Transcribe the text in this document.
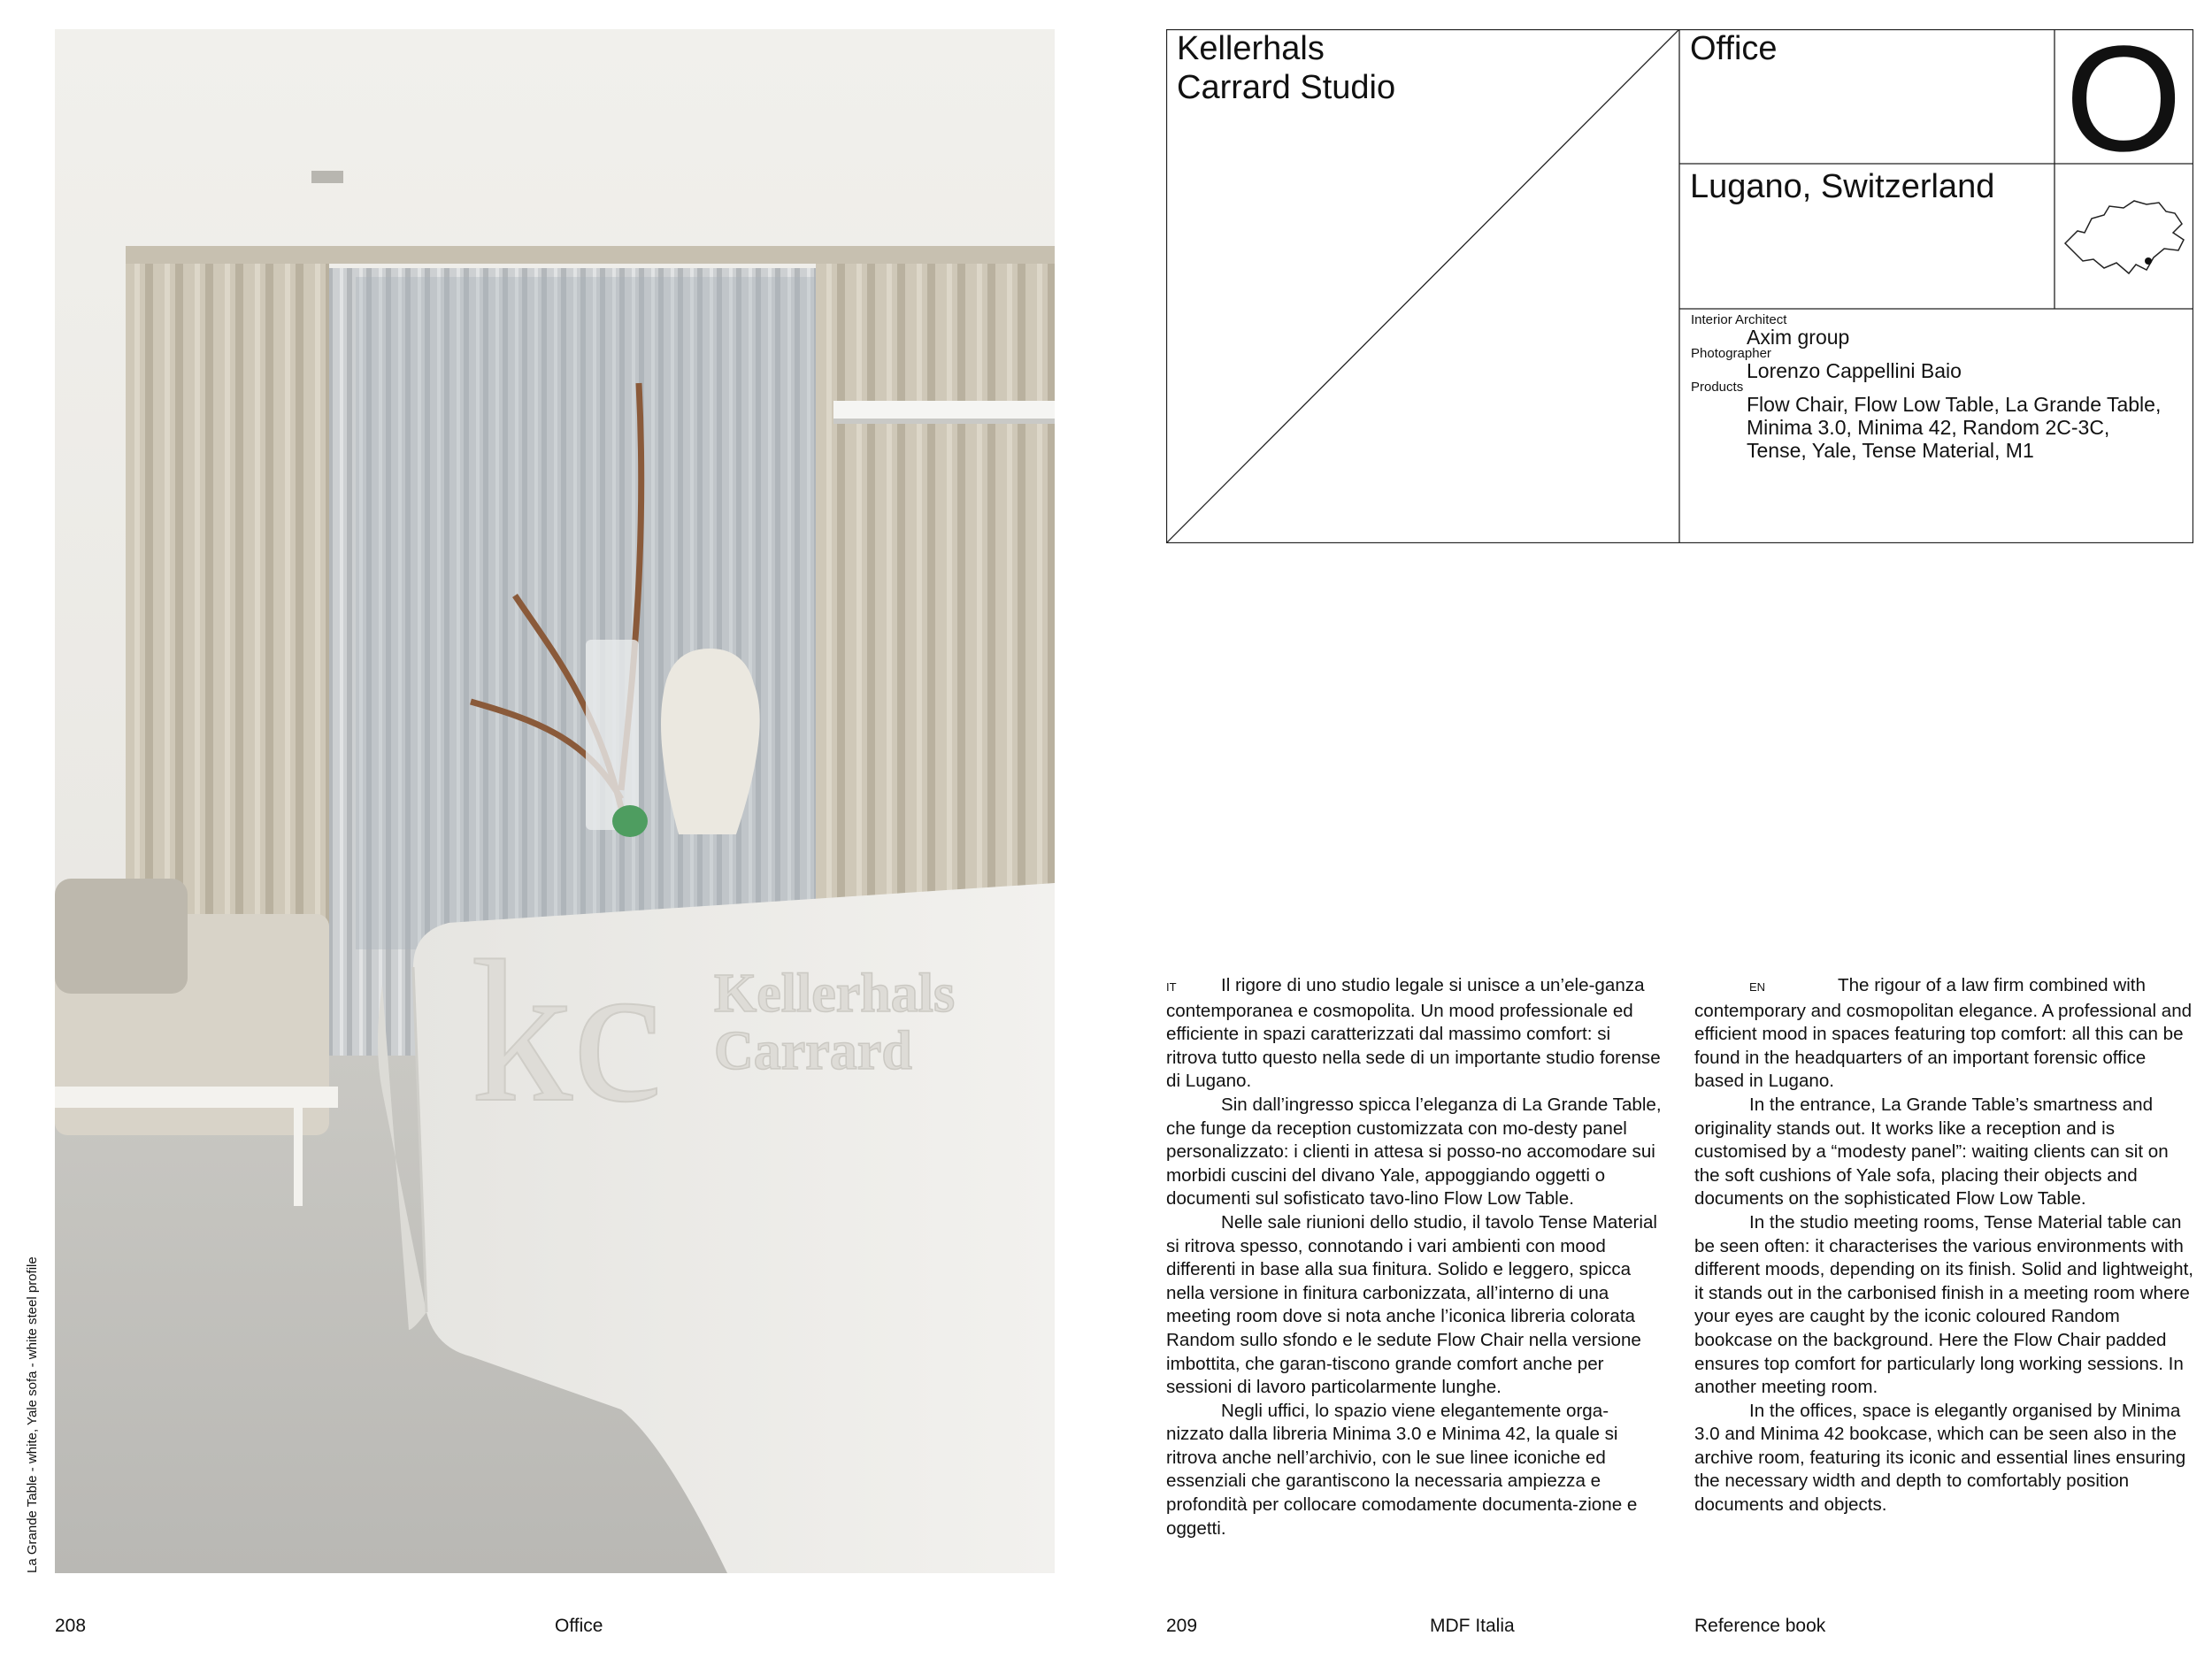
kc Kellerhals
Carrard
La Grande Table - white, Yale sofa - white steel profile
Kellerhals
Carrard Studio
Office O
Lugano, Switzerland
Interior Architect
Axim group
Photographer
Lorenzo Cappellini Baio
Products
Flow Chair, Flow Low Table, La Grande Table,
Minima 3.0, Minima 42, Random 2C-3C,
Tense, Yale, Tense Material, M1

IT Il rigore di uno studio legale si unisce a un’ele-ganza contemporanea e cosmopolita. Un mood professionale ed efficiente in spazi caratterizzati dal massimo comfort: si ritrova tutto questo nella sede di un importante studio forense di Lugano.

Sin dall’ingresso spicca l’eleganza di La Grande Table, che funge da reception customizzata con mo-desty panel personalizzato: i clienti in attesa si posso-no accomodare sui morbidi cuscini del divano Yale, appoggiando oggetti o documenti sul sofisticato tavo-lino Flow Low Table.

Nelle sale riunioni dello studio, il tavolo Tense Material si ritrova spesso, connotando i vari ambienti con mood differenti in base alla sua finitura. Solido e leggero, spicca nella versione in finitura carbonizzata, all’interno di una meeting room dove si nota anche l’iconica libreria colorata Random sullo sfondo e le sedute Flow Chair nella versione imbottita, che garan-tiscono grande comfort anche per sessioni di lavoro particolarmente lunghe.

Negli uffici, lo spazio viene elegantemente orga-nizzato dalla libreria Minima 3.0 e Minima 42, la quale si ritrova anche nell’archivio, con le sue linee iconiche ed essenziali che garantiscono la necessaria ampiezza e profondità per collocare comodamente documenta-zione e oggetti.

EN	The rigour of a law firm combined with contemporary and cosmopolitan elegance. A professional and efficient mood in spaces featuring top comfort: all this can be found in the headquarters of an important forensic office based in Lugano.

In the entrance, La Grande Table’s smartness and originality stands out. It works like a reception and is customised by a “modesty panel”: waiting clients can sit on the soft cushions of Yale sofa, placing their objects and documents on the sophisticated Flow Low Table.

In the studio meeting rooms, Tense Material table can be seen often: it characterises the various environments with different moods, depending on its finish. Solid and lightweight, it stands out in the carbonised finish in a meeting room where your eyes are caught by the iconic coloured Random bookcase on the background. Here the Flow Chair padded ensures top comfort for particularly long working sessions. In another meeting room.

In the offices, space is elegantly organised by Minima 3.0 and Minima 42 bookcase, which can be seen also in the archive room, featuring its iconic and essential lines ensuring the necessary width and depth to comfortably position documents and objects.

208	Office	209	MDF Italia	Reference book
